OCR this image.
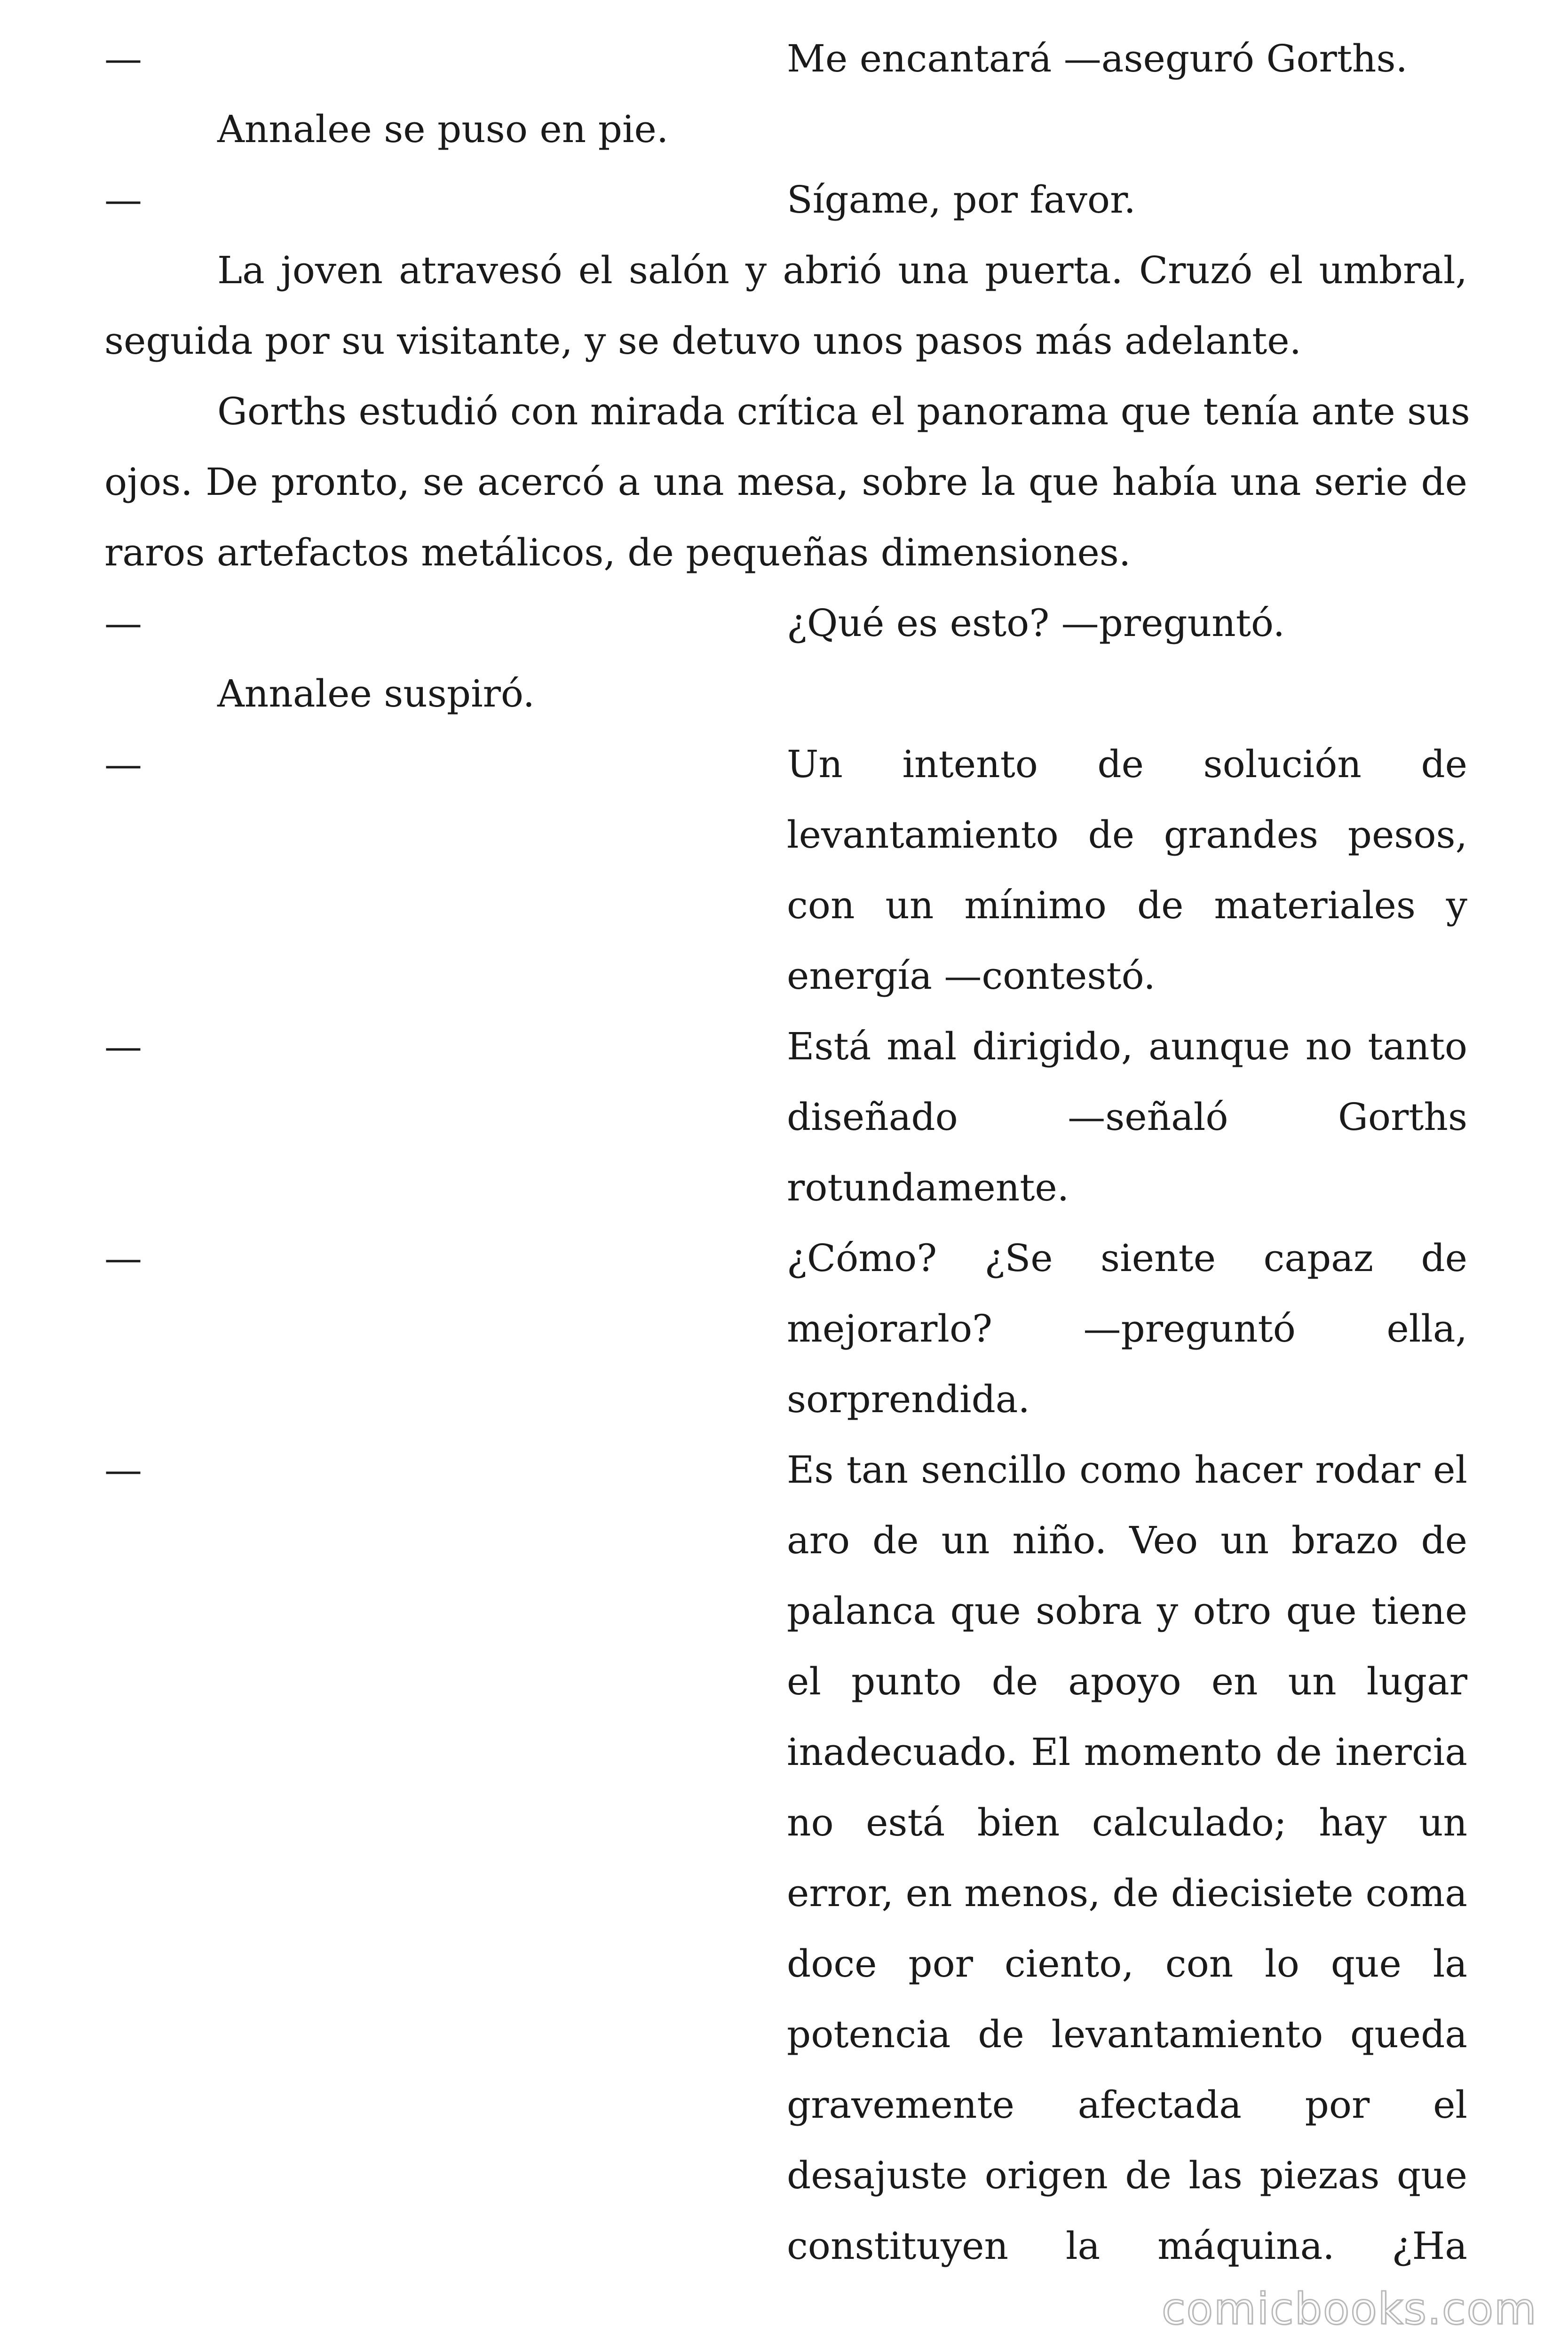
—	Me encantará —aseguró Gorths.
Annalee se puso en pie.
—	Sígame, por favor.
La joven atravesó el salón y abrió una puerta. Cruzó el umbral,
seguida por su visitante, y se detuvo unos pasos más adelante.
Gorths estudió con mirada crítica el panorama que tenía ante sus
ojos. De pronto, se acercó a una mesa, sobre la que había una serie de
raros artefactos metálicos, de pequeñas dimensiones.
—	¿Qué es esto? —preguntó.
Annalee suspiró.
—	Un intento de solución de
levantamiento de grandes pesos,
con un mínimo de materiales y
energía —contestó.
—	Está mal dirigido, aunque no tanto
diseñado —señaló Gorths
rotundamente.
—	¿Cómo? ¿Se siente capaz de
mejorarlo? —preguntó ella,
sorprendida.
—	Es tan sencillo como hacer rodar el
aro de un niño. Veo un brazo de
palanca que sobra y otro que tiene
el punto de apoyo en un lugar
inadecuado. El momento de inercia
no está bien calculado; hay un
error, en menos, de diecisiete coma
doce por ciento, con lo que la
potencia de levantamiento queda
gravemente afectada por el
desajuste origen de las piezas que
constituyen la máquina. ¿Ha
comicbooks.com
